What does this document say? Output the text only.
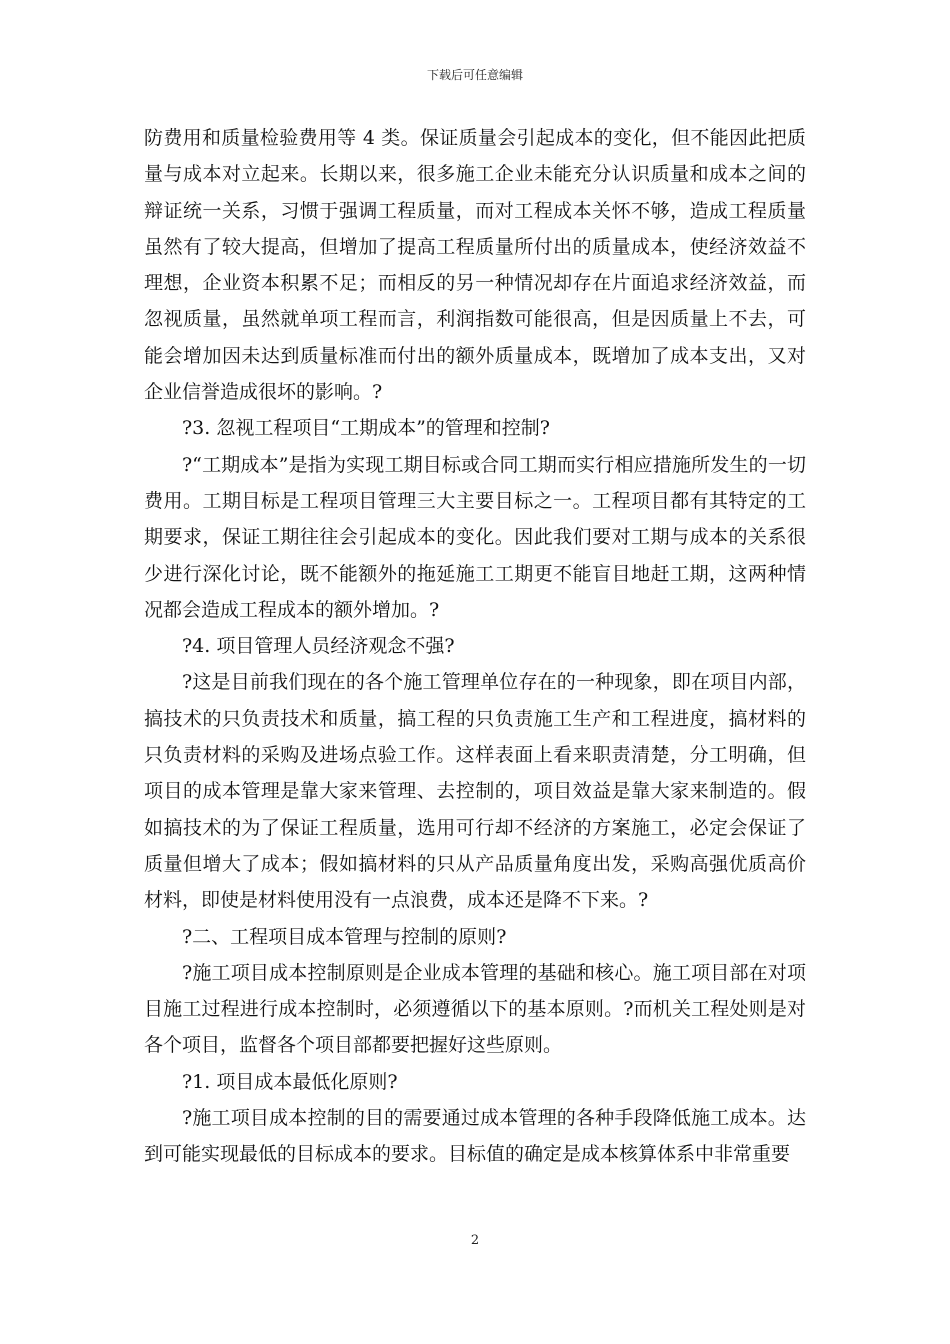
下载后可任意编辑

防费用和质量检验费用等 4 类。保证质量会引起成本的变化，但不能因此把质量与成本对立起来。长期以来，很多施工企业未能充分认识质量和成本之间的辩证统一关系，习惯于强调工程质量，而对工程成本关怀不够，造成工程质量虽然有了较大提高，但增加了提高工程质量所付出的质量成本，使经济效益不理想，企业资本积累不足；而相反的另一种情况却存在片面追求经济效益，而忽视质量，虽然就单项工程而言，利润指数可能很高，但是因质量上不去，可能会增加因未达到质量标准而付出的额外质量成本，既增加了成本支出，又对企业信誉造成很坏的影响。?

?3. 忽视工程项目“工期成本”的管理和控制?

?“工期成本”是指为实现工期目标或合同工期而实行相应措施所发生的一切费用。工期目标是工程项目管理三大主要目标之一。工程项目都有其特定的工期要求，保证工期往往会引起成本的变化。因此我们要对工期与成本的关系很少进行深化讨论，既不能额外的拖延施工工期更不能盲目地赶工期，这两种情况都会造成工程成本的额外增加。?

?4. 项目管理人员经济观念不强?

?这是目前我们现在的各个施工管理单位存在的一种现象，即在项目内部，搞技术的只负责技术和质量，搞工程的只负责施工生产和工程进度，搞材料的只负责材料的采购及进场点验工作。这样表面上看来职责清楚，分工明确，但项目的成本管理是靠大家来管理、去控制的，项目效益是靠大家来制造的。假如搞技术的为了保证工程质量，选用可行却不经济的方案施工，必定会保证了质量但增大了成本；假如搞材料的只从产品质量角度出发，采购高强优质高价材料，即使是材料使用没有一点浪费，成本还是降不下来。?

?二、工程项目成本管理与控制的原则?

?施工项目成本控制原则是企业成本管理的基础和核心。施工项目部在对项目施工过程进行成本控制时，必须遵循以下的基本原则。?而机关工程处则是对各个项目，监督各个项目部都要把握好这些原则。

?1. 项目成本最低化原则?

?施工项目成本控制的目的需要通过成本管理的各种手段降低施工成本。达到可能实现最低的目标成本的要求。目标值的确定是成本核算体系中非常重要

2
